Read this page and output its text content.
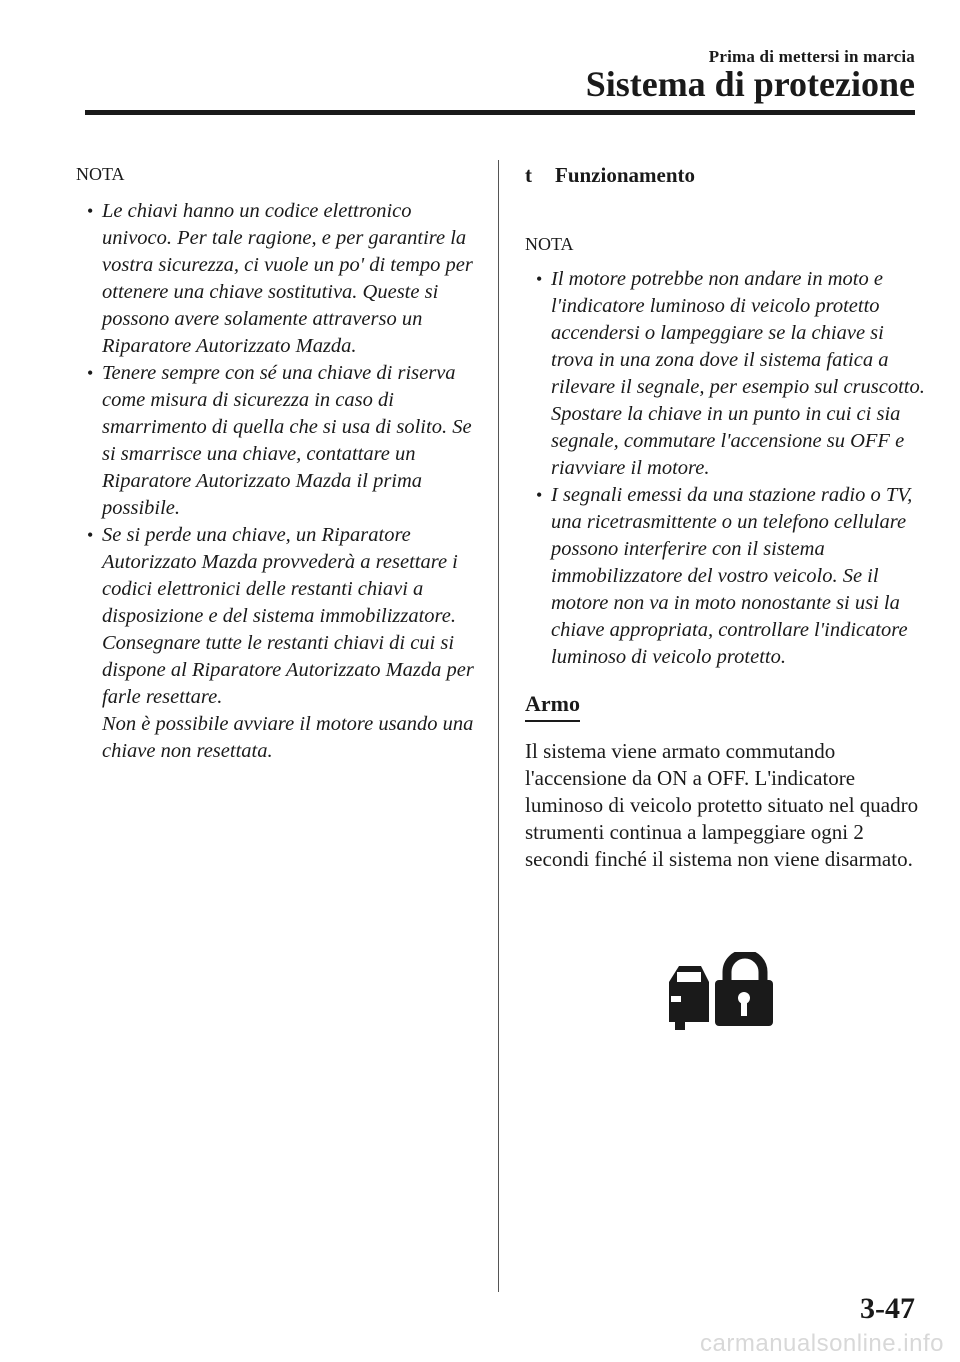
Prima di mettersi in marcia
Sistema di protezione

NOTA

• Le chiavi hanno un codice elettronico univoco. Per tale ragione, e per garantire la vostra sicurezza, ci vuole un po' di tempo per ottenere una chiave sostitutiva. Queste si possono avere solamente attraverso un Riparatore Autorizzato Mazda.
• Tenere sempre con sé una chiave di riserva come misura di sicurezza in caso di smarrimento di quella che si usa di solito. Se si smarrisce una chiave, contattare un Riparatore Autorizzato Mazda il prima possibile.
• Se si perde una chiave, un Riparatore Autorizzato Mazda provvederà a resettare i codici elettronici delle restanti chiavi a disposizione e del sistema immobilizzatore. Consegnare tutte le restanti chiavi di cui si dispone al Riparatore Autorizzato Mazda per farle resettare.
Non è possibile avviare il motore usando una chiave non resettata.
t	Funzionamento

NOTA

• Il motore potrebbe non andare in moto e l'indicatore luminoso di veicolo protetto accendersi o lampeggiare se la chiave si trova in una zona dove il sistema fatica a rilevare il segnale, per esempio sul cruscotto. Spostare la chiave in un punto in cui ci sia segnale, commutare l'accensione su OFF e riavviare il motore.
• I segnali emessi da una stazione radio o TV, una ricetrasmittente o un telefono cellulare possono interferire con il sistema immobilizzatore del vostro veicolo. Se il motore non va in moto nonostante si usi la chiave appropriata, controllare l'indicatore luminoso di veicolo protetto.
Armo

Il sistema viene armato commutando l'accensione da ON a OFF. L'indicatore luminoso di veicolo protetto situato nel quadro strumenti continua a lampeggiare ogni 2 secondi finché il sistema non viene disarmato.

3-47
carmanualsonline.info
